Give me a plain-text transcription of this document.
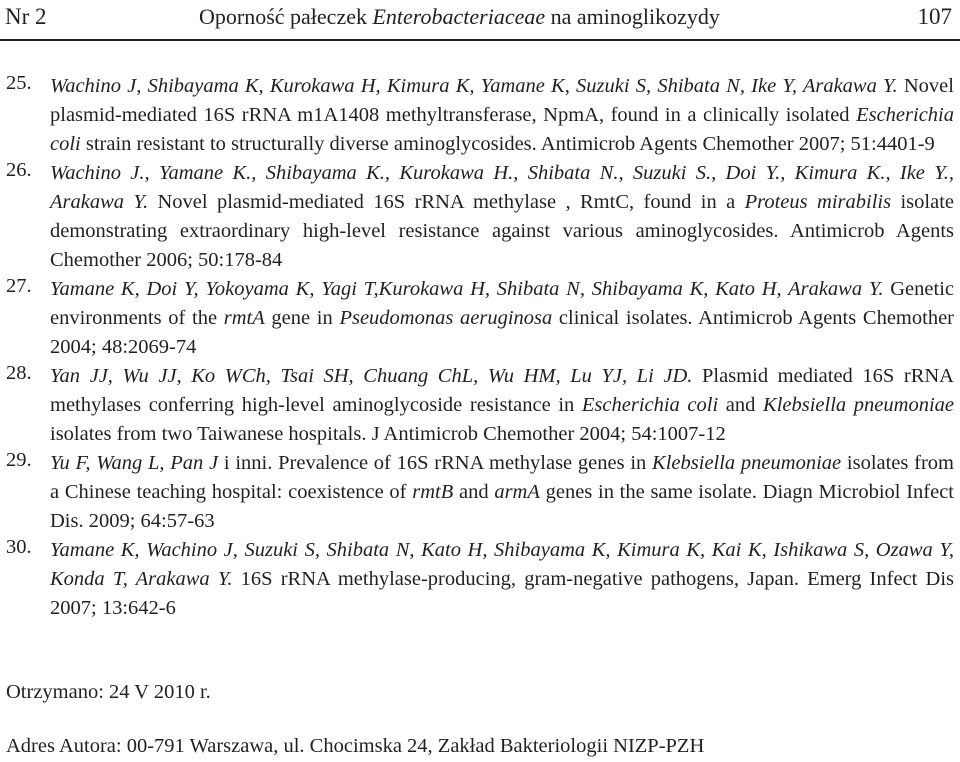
Nr 2	Oporność pałeczek Enterobacteriaceae na aminoglikozydy	107
25. Wachino J, Shibayama K, Kurokawa H, Kimura K, Yamane K, Suzuki S, Shibata N, Ike Y, Arakawa Y. Novel plasmid-mediated 16S rRNA m1A1408 methyltransferase, NpmA, found in a clinically isolated Escherichia coli strain resistant to structurally diverse aminoglycosides. Antimicrob Agents Chemother 2007; 51:4401-9
26. Wachino J., Yamane K., Shibayama K., Kurokawa H., Shibata N., Suzuki S., Doi Y., Kimura K., Ike Y., Arakawa Y. Novel plasmid-mediated 16S rRNA methylase , RmtC, found in a Proteus mirabilis isolate demonstrating extraordinary high-level resistance against various aminoglycosides. Antimicrob Agents Chemother 2006; 50:178-84
27. Yamane K, Doi Y, Yokoyama K, Yagi T,Kurokawa H, Shibata N, Shibayama K, Kato H, Arakawa Y. Genetic environments of the rmtA gene in Pseudomonas aeruginosa clinical isolates. Antimicrob Agents Chemother 2004; 48:2069-74
28. Yan JJ, Wu JJ, Ko WCh, Tsai SH, Chuang ChL, Wu HM, Lu YJ, Li JD. Plasmid mediated 16S rRNA methylases conferring high-level aminoglycoside resistance in Escherichia coli and Klebsiella pneumoniae isolates from two Taiwanese hospitals. J Antimicrob Chemother 2004; 54:1007-12
29. Yu F, Wang L, Pan J i inni. Prevalence of 16S rRNA methylase genes in Klebsiella pneumoniae isolates from a Chinese teaching hospital: coexistence of rmtB and armA genes in the same isolate. Diagn Microbiol Infect Dis. 2009; 64:57-63
30. Yamane K, Wachino J, Suzuki S, Shibata N, Kato H, Shibayama K, Kimura K, Kai K, Ishikawa S, Ozawa Y, Konda T, Arakawa Y. 16S rRNA methylase-producing, gram-negative pathogens, Japan. Emerg Infect Dis 2007; 13:642-6
Otrzymano: 24 V 2010 r.
Adres Autora: 00-791 Warszawa, ul. Chocimska 24, Zakład Bakteriologii NIZP-PZH
